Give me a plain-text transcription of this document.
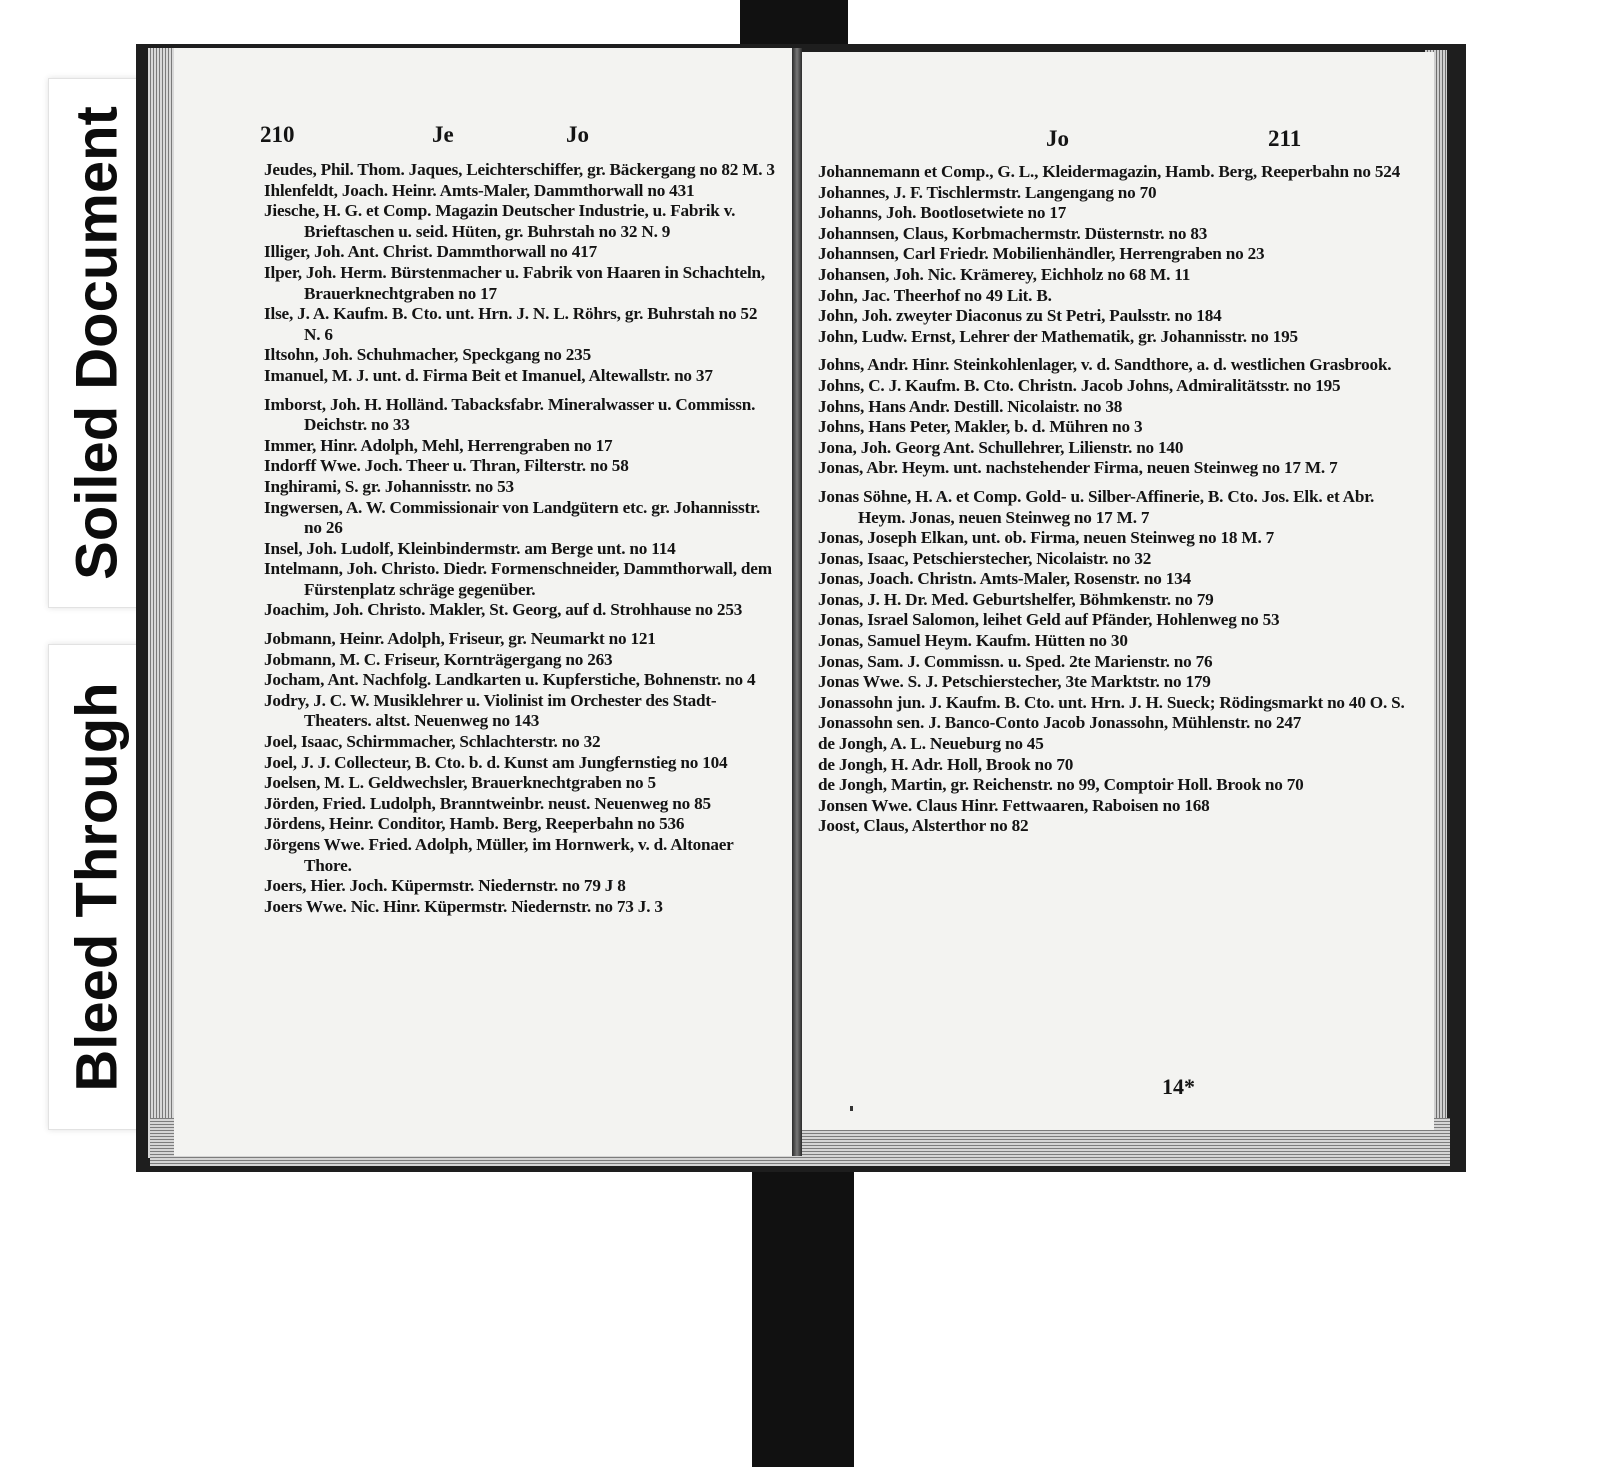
Soiled Document
Bleed Through
210	Je	Jo

Jeudes, Phil. Thom. Jaques, Leichterschiffer, gr. Bäckergang no 82 M. 3

Ihlenfeldt, Joach. Heinr. Amts-Maler, Dammthorwall no 431

Jiesche, H. G. et Comp. Magazin Deutscher Industrie, u. Fabrik v. Brieftaschen u. seid. Hüten, gr. Buhrstah no 32 N. 9

Illiger, Joh. Ant. Christ. Dammthorwall no 417

Ilper, Joh. Herm. Bürstenmacher u. Fabrik von Haaren in Schachteln, Brauerknechtgraben no 17

Ilse, J. A. Kaufm. B. Cto. unt. Hrn. J. N. L. Röhrs, gr. Buhrstah no 52 N. 6

Iltsohn, Joh. Schuhmacher, Speckgang no 235

Imanuel, M. J. unt. d. Firma Beit et Imanuel, Altewallstr. no 37

Imborst, Joh. H. Holländ. Tabacksfabr. Mineralwasser u. Commissn. Deichstr. no 33

Immer, Hinr. Adolph, Mehl, Herrengraben no 17

Indorff Wwe. Joch. Theer u. Thran, Filterstr. no 58

Inghirami, S. gr. Johannisstr. no 53

Ingwersen, A. W. Commissionair von Landgütern etc. gr. Johannisstr. no 26

Insel, Joh. Ludolf, Kleinbindermstr. am Berge unt. no 114

Intelmann, Joh. Christo. Diedr. Formenschneider, Dammthorwall, dem Fürstenplatz schräge gegenüber.

Joachim, Joh. Christo. Makler, St. Georg, auf d. Strohhause no 253

Jobmann, Heinr. Adolph, Friseur, gr. Neumarkt no 121

Jobmann, M. C. Friseur, Kornträgergang no 263

Jocham, Ant. Nachfolg. Landkarten u. Kupferstiche, Bohnenstr. no 4

Jodry, J. C. W. Musiklehrer u. Violinist im Orchester des Stadt-Theaters. altst. Neuenweg no 143

Joel, Isaac, Schirmmacher, Schlachterstr. no 32

Joel, J. J. Collecteur, B. Cto. b. d. Kunst am Jungfernstieg no 104

Joelsen, M. L. Geldwechsler, Brauerknechtgraben no 5

Jörden, Fried. Ludolph, Branntweinbr. neust. Neuenweg no 85

Jördens, Heinr. Conditor, Hamb. Berg, Reeperbahn no 536

Jörgens Wwe. Fried. Adolph, Müller, im Hornwerk, v. d. Altonaer Thore.

Joers, Hier. Joch. Küpermstr. Niedernstr. no 79 J 8

Joers Wwe. Nic. Hinr. Küpermstr. Niedernstr. no 73 J. 3

Jo	211

Johannemann et Comp., G. L., Kleidermagazin, Hamb. Berg, Reeperbahn no 524

Johannes, J. F. Tischlermstr. Langengang no 70

Johanns, Joh. Bootlosetwiete no 17

Johannsen, Claus, Korbmachermstr. Düsternstr. no 83

Johannsen, Carl Friedr. Mobilienhändler, Herrengraben no 23

Johansen, Joh. Nic. Krämerey, Eichholz no 68 M. 11

John, Jac. Theerhof no 49 Lit. B.

John, Joh. zweyter Diaconus zu St Petri, Paulsstr. no 184

John, Ludw. Ernst, Lehrer der Mathematik, gr. Johannisstr. no 195

Johns, Andr. Hinr. Steinkohlenlager, v. d. Sandthore, a. d. westlichen Grasbrook.

Johns, C. J. Kaufm. B. Cto. Christn. Jacob Johns, Admiralitätsstr. no 195

Johns, Hans Andr. Destill. Nicolaistr. no 38

Johns, Hans Peter, Makler, b. d. Mühren no 3

Jona, Joh. Georg Ant. Schullehrer, Lilienstr. no 140

Jonas, Abr. Heym. unt. nachstehender Firma, neuen Steinweg no 17 M. 7

Jonas Söhne, H. A. et Comp. Gold- u. Silber-Affinerie, B. Cto. Jos. Elk. et Abr. Heym. Jonas, neuen Steinweg no 17 M. 7

Jonas, Joseph Elkan, unt. ob. Firma, neuen Steinweg no 18 M. 7

Jonas, Isaac, Petschierstecher, Nicolaistr. no 32

Jonas, Joach. Christn. Amts-Maler, Rosenstr. no 134

Jonas, J. H. Dr. Med. Geburtshelfer, Böhmkenstr. no 79

Jonas, Israel Salomon, leihet Geld auf Pfänder, Hohlenweg no 53

Jonas, Samuel Heym. Kaufm. Hütten no 30

Jonas, Sam. J. Commissn. u. Sped. 2te Marienstr. no 76

Jonas Wwe. S. J. Petschierstecher, 3te Marktstr. no 179

Jonassohn jun. J. Kaufm. B. Cto. unt. Hrn. J. H. Sueck; Rödingsmarkt no 40 O. S.

Jonassohn sen. J. Banco-Conto Jacob Jonassohn, Mühlenstr. no 247

de Jongh, A. L. Neueburg no 45

de Jongh, H. Adr. Holl, Brook no 70

de Jongh, Martin, gr. Reichenstr. no 99, Comptoir Holl. Brook no 70

Jonsen Wwe. Claus Hinr. Fettwaaren, Raboisen no 168

Joost, Claus, Alsterthor no 82

14*
